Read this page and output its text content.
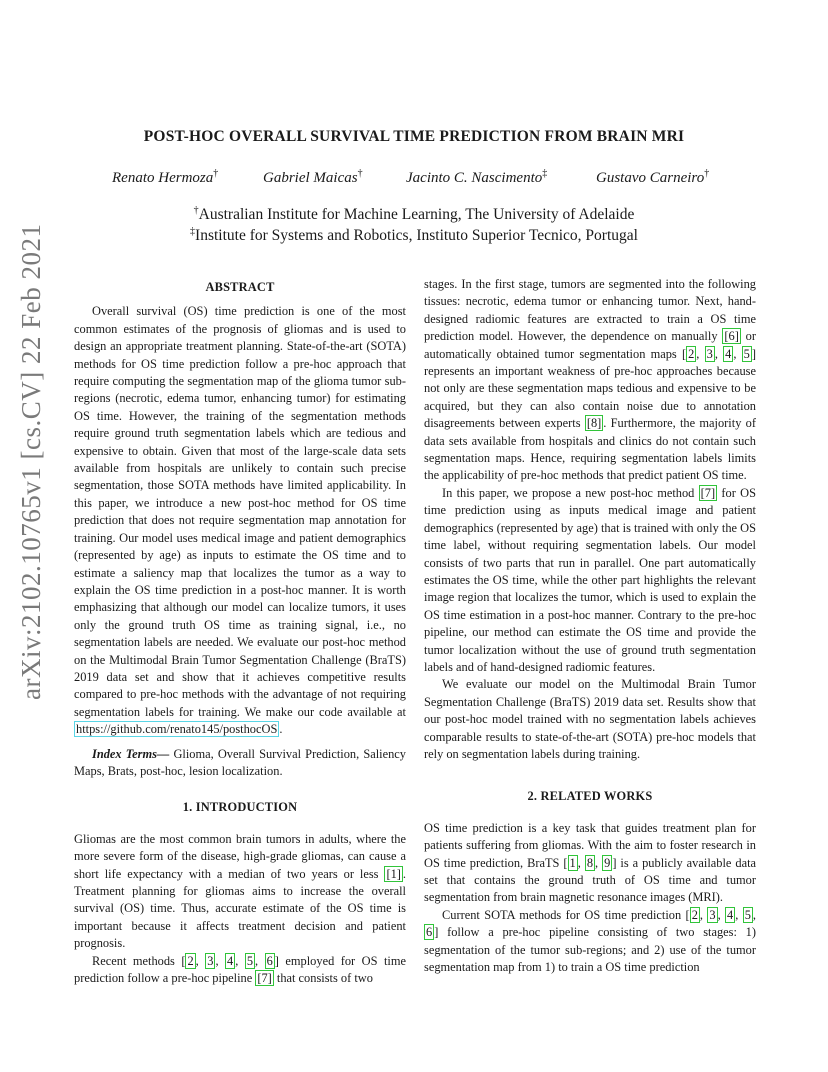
arXiv:2102.10765v1 [cs.CV] 22 Feb 2021
POST-HOC OVERALL SURVIVAL TIME PREDICTION FROM BRAIN MRI
Renato Hermoza†	Gabriel Maicas†	Jacinto C. Nascimento‡	Gustavo Carneiro†
†Australian Institute for Machine Learning, The University of Adelaide
‡Institute for Systems and Robotics, Instituto Superior Tecnico, Portugal

ABSTRACT

Overall survival (OS) time prediction is one of the most common estimates of the prognosis of gliomas and is used to design an appropriate treatment planning. State-of-the-art (SOTA) methods for OS time prediction follow a pre-hoc approach that require computing the segmentation map of the glioma tumor sub-regions (necrotic, edema tumor, enhancing tumor) for estimating OS time. However, the training of the segmentation methods require ground truth segmentation labels which are tedious and expensive to obtain. Given that most of the large-scale data sets available from hospitals are unlikely to contain such precise segmentation, those SOTA methods have limited applicability. In this paper, we introduce a new post-hoc method for OS time prediction that does not require segmentation map annotation for training. Our model uses medical image and patient demographics (represented by age) as inputs to estimate the OS time and to estimate a saliency map that localizes the tumor as a way to explain the OS time prediction in a post-hoc manner. It is worth emphasizing that although our model can localize tumors, it uses only the ground truth OS time as training signal, i.e., no segmentation labels are needed. We evaluate our post-hoc method on the Multimodal Brain Tumor Segmentation Challenge (BraTS) 2019 data set and show that it achieves competitive results compared to pre-hoc methods with the advantage of not requiring segmentation labels for training. We make our code available at https://github.com/renato145/posthocOS .

Index Terms— Glioma, Overall Survival Prediction, Saliency Maps, Brats, post-hoc, lesion localization.

1. INTRODUCTION

Gliomas are the most common brain tumors in adults, where the more severe form of the disease, high-grade gliomas, can cause a short life expectancy with a median of two years or less [1] . Treatment planning for gliomas aims to increase the overall survival (OS) time. Thus, accurate estimate of the OS time is important because it affects treatment decision and patient prognosis.

Recent methods [ 2 , 3 , 4 , 5 , 6 ] employed for OS time prediction follow a pre-hoc pipeline [7] that consists of two

stages. In the first stage, tumors are segmented into the following tissues: necrotic, edema tumor or enhancing tumor. Next, hand-designed radiomic features are extracted to train a OS time prediction model. However, the dependence on manually [6] or automatically obtained tumor segmentation maps [ 2 , 3 , 4 , 5 ] represents an important weakness of pre-hoc approaches because not only are these segmentation maps tedious and expensive to be acquired, but they can also contain noise due to annotation disagreements between experts [8] . Furthermore, the majority of data sets available from hospitals and clinics do not contain such segmentation maps. Hence, requiring segmentation labels limits the applicability of pre-hoc methods that predict patient OS time.

In this paper, we propose a new post-hoc method [7] for OS time prediction using as inputs medical image and patient demographics (represented by age) that is trained with only the OS time label, without requiring segmentation labels. Our model consists of two parts that run in parallel. One part automatically estimates the OS time, while the other part highlights the relevant image region that localizes the tumor, which is used to explain the OS time estimation in a post-hoc manner. Contrary to the pre-hoc pipeline, our method can estimate the OS time and provide the tumor localization without the use of ground truth segmentation labels and of hand-designed radiomic features.

We evaluate our model on the Multimodal Brain Tumor Segmentation Challenge (BraTS) 2019 data set. Results show that our post-hoc model trained with no segmentation labels achieves comparable results to state-of-the-art (SOTA) pre-hoc models that rely on segmentation labels during training.

2. RELATED WORKS

OS time prediction is a key task that guides treatment plan for patients suffering from gliomas. With the aim to foster research in OS time prediction, BraTS [ 1 , 8 , 9 ] is a publicly available data set that contains the ground truth of OS time and tumor segmentation from brain magnetic resonance images (MRI).

Current SOTA methods for OS time prediction [ 2 , 3 , 4 , 5 , 6 ] follow a pre-hoc pipeline consisting of two stages: 1) segmentation of the tumor sub-regions; and 2) use of the tumor segmentation map from 1) to train a OS time prediction
